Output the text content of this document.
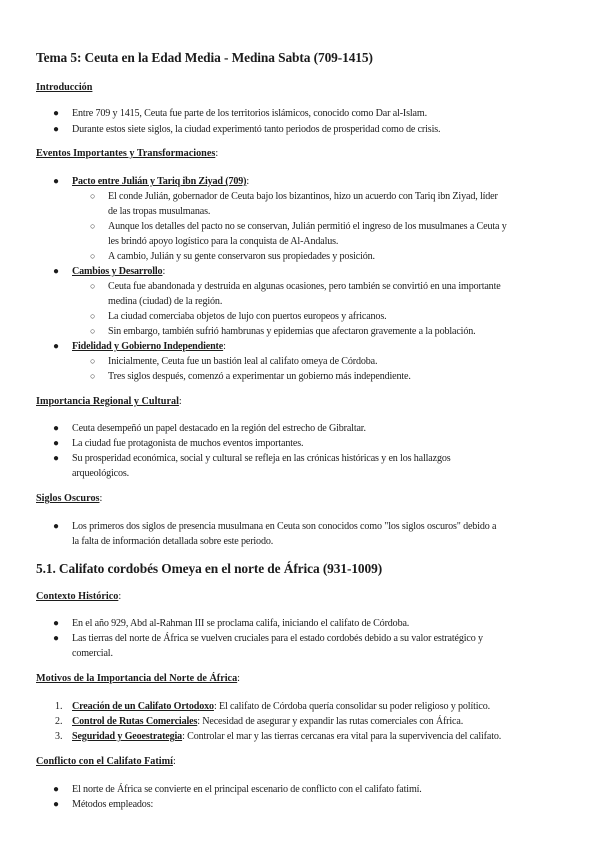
Tema 5: Ceuta en la Edad Media - Medina Sabta (709-1415)
Introducción
● Entre 709 y 1415, Ceuta fue parte de los territorios islámicos, conocido como Dar al-Islam.
● Durante estos siete siglos, la ciudad experimentó tanto periodos de prosperidad como de crisis.
Eventos Importantes y Transformaciones:
● Pacto entre Julián y Tariq ibn Ziyad (709):
○ El conde Julián, gobernador de Ceuta bajo los bizantinos, hizo un acuerdo con Tariq ibn Ziyad, líder
de las tropas musulmanas.
○ Aunque los detalles del pacto no se conservan, Julián permitió el ingreso de los musulmanes a Ceuta y
les brindó apoyo logístico para la conquista de Al-Andalus.
○ A cambio, Julián y su gente conservaron sus propiedades y posición.
● Cambios y Desarrollo:
○ Ceuta fue abandonada y destruida en algunas ocasiones, pero también se convirtió en una importante
medina (ciudad) de la región.
○ La ciudad comerciaba objetos de lujo con puertos europeos y africanos.
○ Sin embargo, también sufrió hambrunas y epidemias que afectaron gravemente a la población.
● Fidelidad y Gobierno Independiente:
○ Inicialmente, Ceuta fue un bastión leal al califato omeya de Córdoba.
○ Tres siglos después, comenzó a experimentar un gobierno más independiente.
Importancia Regional y Cultural:
● Ceuta desempeñó un papel destacado en la región del estrecho de Gibraltar.
● La ciudad fue protagonista de muchos eventos importantes.
● Su prosperidad económica, social y cultural se refleja en las crónicas históricas y en los hallazgos
arqueológicos.
Siglos Oscuros:
● Los primeros dos siglos de presencia musulmana en Ceuta son conocidos como "los siglos oscuros" debido a
la falta de información detallada sobre este periodo.
5.1. Califato cordobés Omeya en el norte de África (931-1009)
Contexto Histórico:
● En el año 929, Abd al-Rahman III se proclama califa, iniciando el califato de Córdoba.
● Las tierras del norte de África se vuelven cruciales para el estado cordobés debido a su valor estratégico y
comercial.
Motivos de la Importancia del Norte de África:
1. Creación de un Califato Ortodoxo: El califato de Córdoba quería consolidar su poder religioso y político.
2. Control de Rutas Comerciales: Necesidad de asegurar y expandir las rutas comerciales con África.
3. Seguridad y Geoestrategia: Controlar el mar y las tierras cercanas era vital para la supervivencia del califato.
Conflicto con el Califato Fatimí:
● El norte de África se convierte en el principal escenario de conflicto con el califato fatimí.
● Métodos empleados:
